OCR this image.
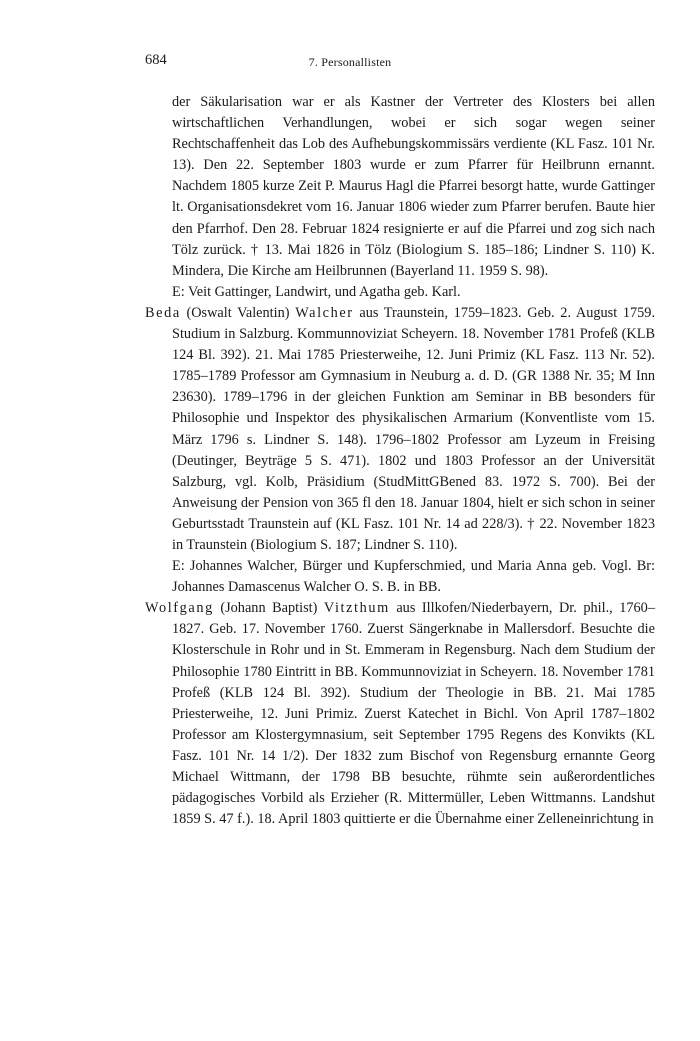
684	7. Personallisten

der Säkularisation war er als Kastner der Vertreter des Klosters bei allen wirtschaftlichen Verhandlungen, wobei er sich sogar wegen seiner Rechtschaffenheit das Lob des Aufhebungskommissärs verdiente (KL Fasz. 101 Nr. 13). Den 22. September 1803 wurde er zum Pfarrer für Heilbrunn ernannt. Nachdem 1805 kurze Zeit P. Maurus Hagl die Pfarrei besorgt hatte, wurde Gattinger lt. Organisationsdekret vom 16. Januar 1806 wieder zum Pfarrer berufen. Baute hier den Pfarrhof. Den 28. Februar 1824 resignierte er auf die Pfarrei und zog sich nach Tölz zurück. † 13. Mai 1826 in Tölz (Biologium S. 185–186; Lindner S. 110) K. Mindera, Die Kirche am Heilbrunnen (Bayerland 11. 1959 S. 98).

E: Veit Gattinger, Landwirt, und Agatha geb. Karl.

Beda (Oswalt Valentin) Walcher aus Traunstein, 1759–1823. Geb. 2. August 1759. Studium in Salzburg. Kommunnoviziat Scheyern. 18. November 1781 Profeß (KLB 124 Bl. 392). 21. Mai 1785 Priesterweihe, 12. Juni Primiz (KL Fasz. 113 Nr. 52). 1785–1789 Professor am Gymnasium in Neuburg a. d. D. (GR 1388 Nr. 35; M Inn 23630). 1789–1796 in der gleichen Funktion am Seminar in BB besonders für Philosophie und Inspektor des physikalischen Armarium (Konventliste vom 15. März 1796 s. Lindner S. 148). 1796–1802 Professor am Lyzeum in Freising (Deutinger, Beyträge 5 S. 471). 1802 und 1803 Professor an der Universität Salzburg, vgl. Kolb, Präsidium (StudMittGBened 83. 1972 S. 700). Bei der Anweisung der Pension von 365 fl den 18. Januar 1804, hielt er sich schon in seiner Geburtsstadt Traunstein auf (KL Fasz. 101 Nr. 14 ad 228/3). † 22. November 1823 in Traunstein (Biologium S. 187; Lindner S. 110).

E: Johannes Walcher, Bürger und Kupferschmied, und Maria Anna geb. Vogl. Br: Johannes Damascenus Walcher O. S. B. in BB.

Wolfgang (Johann Baptist) Vitzthum aus Illkofen/Niederbayern, Dr. phil., 1760–1827. Geb. 17. November 1760. Zuerst Sängerknabe in Mallersdorf. Besuchte die Klosterschule in Rohr und in St. Emmeram in Regensburg. Nach dem Studium der Philosophie 1780 Eintritt in BB. Kommunnoviziat in Scheyern. 18. November 1781 Profeß (KLB 124 Bl. 392). Studium der Theologie in BB. 21. Mai 1785 Priesterweihe, 12. Juni Primiz. Zuerst Katechet in Bichl. Von April 1787–1802 Professor am Klostergymnasium, seit September 1795 Regens des Konvikts (KL Fasz. 101 Nr. 14 1/2). Der 1832 zum Bischof von Regensburg ernannte Georg Michael Wittmann, der 1798 BB besuchte, rühmte sein außerordentliches pädagogisches Vorbild als Erzieher (R. Mittermüller, Leben Wittmanns. Landshut 1859 S. 47 f.). 18. April 1803 quittierte er die Übernahme einer Zelleneinrichtung in
